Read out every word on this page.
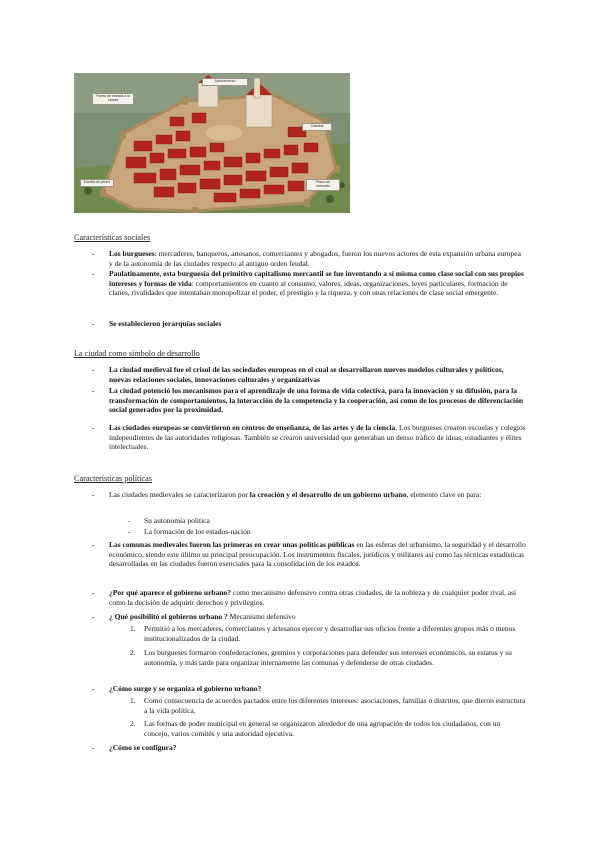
Ayuntamiento
Puerta de entrada a la ciudad
Catedral
Muralla de piedra	Plaza del mercado
Características sociales
- Los burgueses: mercaderes, banqueros, artesanos, comerciantes y abogados, fueron los nuevos actores de esta expansión urbana europea y de la autonomía de las ciudades respecto al antiguo orden feudal.
- Paulatinamente, esta burguesía del primitivo capitalismo mercantil se fue inventando a sí misma como clase social con sus propios intereses y formas de vida: comportamientos en cuanto al consumo, valores, ideas, organizaciones, leyes particulares, formación de clanes, rivalidades que intentaban monopolizar el poder, el prestigio y la riqueza, y con unas relaciones de clase social emergente.
- Se establecieron jerarquías sociales
La ciudad como símbolo de desarrollo
- La ciudad medieval fue el crisol de las sociedades europeas en el cual se desarrollaron nuevos modelos culturales y políticos, nuevas relaciones sociales, innovaciones culturales y organizativas
- La ciudad potenció los mecanismos para el aprendizaje de una forma de vida colectiva, para la innovación y su difusión, para la transformación de comportamientos, la interacción de la competencia y la cooperación, así como de los procesos de diferenciación social generados por la proximidad.
- Las ciudades europeas se convirtieron en centros de enseñanza, de las artes y de la ciencia. Los burgueses crearon escuelas y colegios independientes de las autoridades religiosas. También se crearon universidad que generaban un denso tráfico de ideas, estudiantes y élites intelectuales.
Características políticas
- Las ciudades medievales se caracterizaron por la creación y el desarrollo de un gobierno urbano, elemento clave en para:
- Su autonomía política
- La formación de los estados-nación
- Las comunas medievales fueron las primeras en crear unas políticas públicas en las esferas del urbanismo, la seguridad y el desarrollo económico, siendo este último su principal preocupación. Los instrumentos fiscales, jurídicos y militares así como las técnicas estadísticas desarrolladas en las ciudades fueron esenciales para la consolidación de los estados.
- ¿Por qué aparece el gobierno urbano? como mecanismo defensivo contra otras ciudades, de la nobleza y de cualquier poder rival, así como la decisión de adquirir derechos y privilegios.
- ¿ Qué posibilitó el gobierno urbano ? Mecanismo defensivo
1. Permitió a los mercaderes, comerciantes y artesanos ejercer y desarrollar sus oficios frente a diferentes grupos más o menos institucionalizados de la ciudad.
2. Los burgueses formaron confederaciones, gremios y corporaciones para defender sus intereses económicos, su estatus y su autonomía, y más tarde para organizar internamente las comunas y defenderse de otras ciudades.
- ¿Cómo surge y se organiza el gobierno urbano?
1. Como consecuencia de acuerdos pactados entre los diferentes intereses: asociaciones, familias o distritos, que dieron estructura a la vida política.
2. Las formas de poder municipal en general se organizaron alrededor de una agrupación de todos los ciudadanos, con un concejo, varios comités y una autoridad ejecutiva.
- ¿Cómo se configura?
